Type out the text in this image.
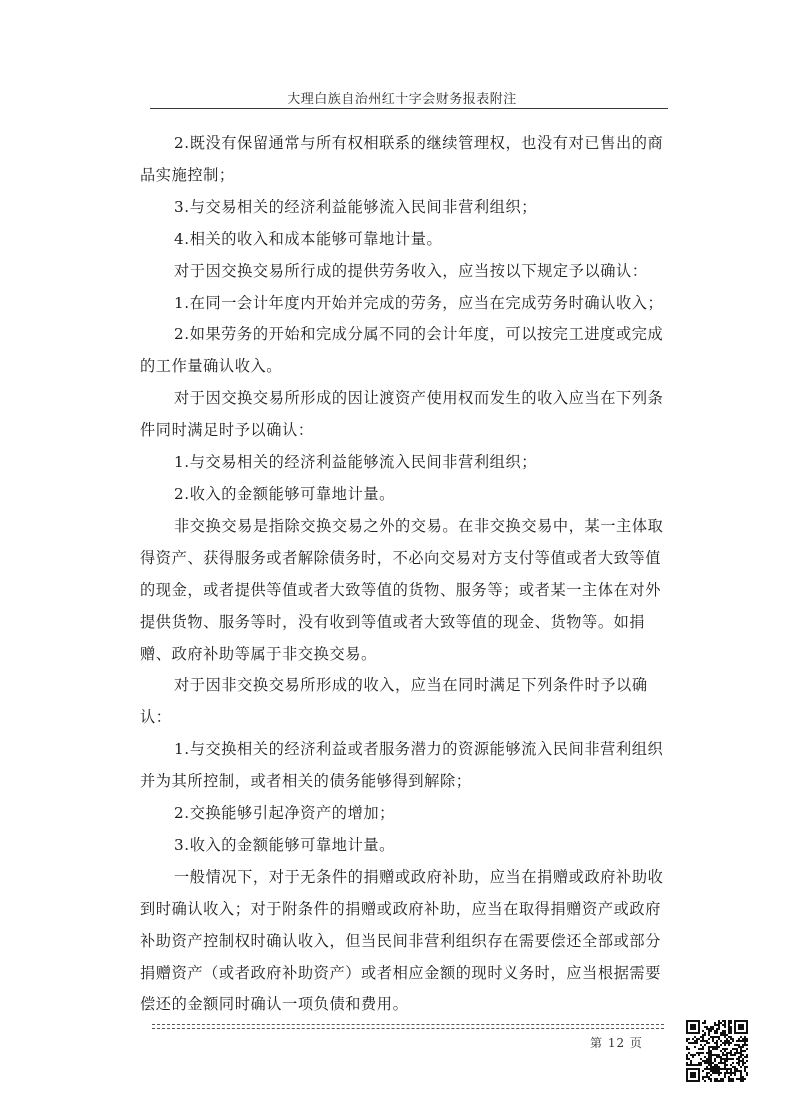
大理白族自治州红十字会财务报表附注

2.既没有保留通常与所有权相联系的继续管理权，也没有对已售出的商品实施控制；

3.与交易相关的经济利益能够流入民间非营利组织；

4.相关的收入和成本能够可靠地计量。

对于因交换交易所行成的提供劳务收入，应当按以下规定予以确认：

1.在同一会计年度内开始并完成的劳务，应当在完成劳务时确认收入；

2.如果劳务的开始和完成分属不同的会计年度，可以按完工进度或完成的工作量确认收入。

对于因交换交易所形成的因让渡资产使用权而发生的收入应当在下列条件同时满足时予以确认：

1.与交易相关的经济利益能够流入民间非营利组织；

2.收入的金额能够可靠地计量。

非交换交易是指除交换交易之外的交易。在非交换交易中，某一主体取得资产、获得服务或者解除债务时，不必向交易对方支付等值或者大致等值的现金，或者提供等值或者大致等值的货物、服务等；或者某一主体在对外提供货物、服务等时，没有收到等值或者大致等值的现金、货物等。如捐赠、政府补助等属于非交换交易。

对于因非交换交易所形成的收入，应当在同时满足下列条件时予以确认：

1.与交换相关的经济利益或者服务潜力的资源能够流入民间非营利组织并为其所控制，或者相关的债务能够得到解除；

2.交换能够引起净资产的增加；

3.收入的金额能够可靠地计量。

一般情况下，对于无条件的捐赠或政府补助，应当在捐赠或政府补助收到时确认收入；对于附条件的捐赠或政府补助，应当在取得捐赠资产或政府补助资产控制权时确认收入，但当民间非营利组织存在需要偿还全部或部分捐赠资产（或者政府补助资产）或者相应金额的现时义务时，应当根据需要偿还的金额同时确认一项负债和费用。

第 12 页
